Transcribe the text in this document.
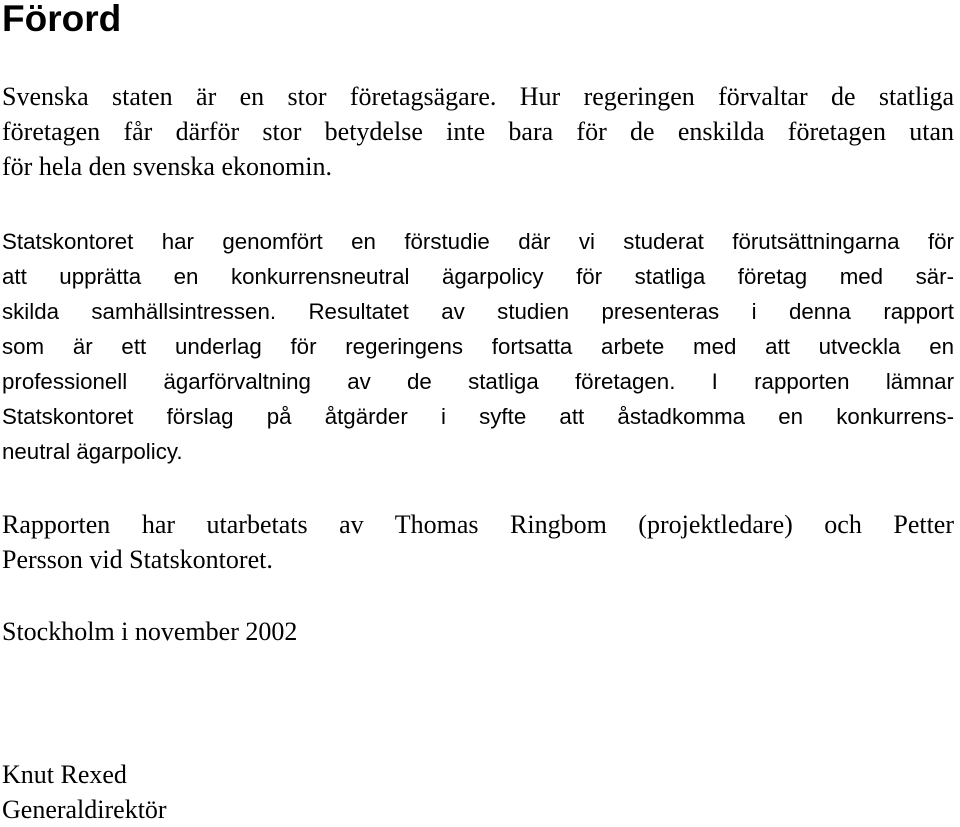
Förord

Svenska staten är en stor företagsägare. Hur regeringen förvaltar de statliga

företagen får därför stor betydelse inte bara för de enskilda företagen utan

för hela den svenska ekonomin.

Statskontoret har genomfört en förstudie där vi studerat förutsättningarna för

att upprätta en konkurrensneutral ägarpolicy för statliga företag med sär-

skilda samhällsintressen. Resultatet av studien presenteras i denna rapport

som är ett underlag för regeringens fortsatta arbete med att utveckla en

professionell ägarförvaltning av de statliga företagen. I rapporten lämnar

Statskontoret förslag på åtgärder i syfte att åstadkomma en konkurrens-

neutral ägarpolicy.

Rapporten har utarbetats av Thomas Ringbom (projektledare) och Petter

Persson vid Statskontoret.

Stockholm i november 2002

Knut Rexed

Generaldirektör
